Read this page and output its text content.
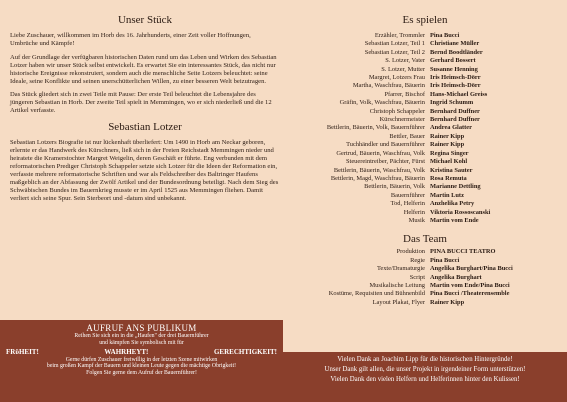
Unser Stück

Liebe Zuschauer, willkommen im Horb des 16. Jahrhunderts, einer Zeit voller Hoffnungen, Umbrüche und Kämpfe!

Auf der Grundlage der verfügbaren historischen Daten rund um das Leben und Wirken des Sebastian Lotzer haben wir unser Stück selbst entwickelt. Es erwartet Sie ein interessantes Stück, das nicht nur historische Ereignisse rekonstruiert, sondern auch die menschliche Seite Lotzers beleuchtet: seine Ideale, seine Konflikte und seinen unerschütterlichen Willen, zu einer besseren Welt beizutragen.

Das Stück gliedert sich in zwei Teile mit Pause: Der erste Teil beleuchtet die Lebensjahre des jüngeren Sebastian in Horb. Der zweite Teil spielt in Memmingen, wo er sich niederließ und die 12 Artikel verfasste.

Sebastian Lotzer

Sebastian Lotzers Biografie ist nur lückenhaft überliefert: Um 1490 in Horb am Neckar geboren, erlernte er das Handwerk des Kürschners, ließ sich in der Freien Reichstadt Memmingen nieder und heiratete die Kramerstochter Margret Weigelin, deren Geschäft er führte. Eng verbunden mit dem reformatorischen Prediger Christoph Schappeler setzte sich Lotzer für die Ideen der Reformation ein, verfasste mehrere reformatorische Schriften und war als Feldschreiber des Baltringer Haufens maßgeblich an der Abfassung der Zwölf Artikel und der Bundesordnung beteiligt. Nach dem Sieg des Schwäbischen Bundes im Bauernkrieg musste er im April 1525 aus Memmingen fliehen. Damit verliert sich seine Spur. Sein Sterbeort und -datum sind unbekannt.

AUFRUF ANS PUBLIKUM
Reihen Sie sich ein in die „Haufen" der drei Bauernführer
und kämpfen Sie symbolisch mit für
FRϋHEIT!	WAHRHEYT!	GERECHTIGKEIT!
Gerne dürfen Zuschauer freiwillig in der letzten Szene mitwirken
beim großen Kampf der Bauern und kleinen Leute gegen die mächtige Obrigkeit!
Folgen Sie gerne dem Aufruf der Bauernführer!
Es spielen
Erzähler, Trommler Pina Bucci
Sebastian Lotzer, Teil 1 Christiane Müller
Sebastian Lotzer, Teil 2 Bernd Boodtländer
S. Lotzer, Vater Gerhard Bossert
S. Lotzer, Mutter Susanne Henning
Margret, Lotzers Frau Iris Heimsch-Dörr
Martha, Waschfrau, Bäuerin Iris Heimsch-Dörr
Pfarrer, Bischof Hans-Michael Greiss
Gräfin, Volk, Waschfrau, Bäuerin Ingrid Schumm
Christoph Schappeler Bernhard Duffner
Kürschnermeister Bernhard Duffner
Bettlerin, Bäuerin, Volk, Bauernführer Andrea Glatter
Bettler, Bauer Rainer Kipp
Tuchhändler und Bauernführer Rainer Kipp
Gertrud, Bäuerin, Waschfrau, Volk Regina Singer
Steuereintreiber, Pächter, Fürst Michael Kohl
Bettlerin, Bäuerin, Waschfrau, Volk Kristina Sauter
Bettlerin, Magd, Waschfrau, Bäuerin Rosa Remuta
Bettlerin, Bäuerin, Volk Marianne Dettling
Bauernführer Martin Lutz
Tod, Helferin Anzhelika Petry
Helferin Viktoria Rossoscanski
Musik Martin vom Ende
Das Team
Produktion PINA BUCCI TEATRO
Regie Pina Bucci
Texte/Dramaturgie Angelika Burghart/Pina Bucci
Script Angelika Burghart
Musikalische Leitung Martin vom Ende/Pina Bucci
Kostüme, Requisiten und Bühnenbild Pina Bucci /Theaterensemble
Layout Plakat, Flyer Rainer Kipp
Vielen Dank an Joachim Lipp für die historischen Hintergründe!
Unser Dank gilt allen, die unser Projekt in irgendeiner Form unterstützen!
Vielen Dank den vielen Helfern und Helferinnen hinter den Kulissen!
